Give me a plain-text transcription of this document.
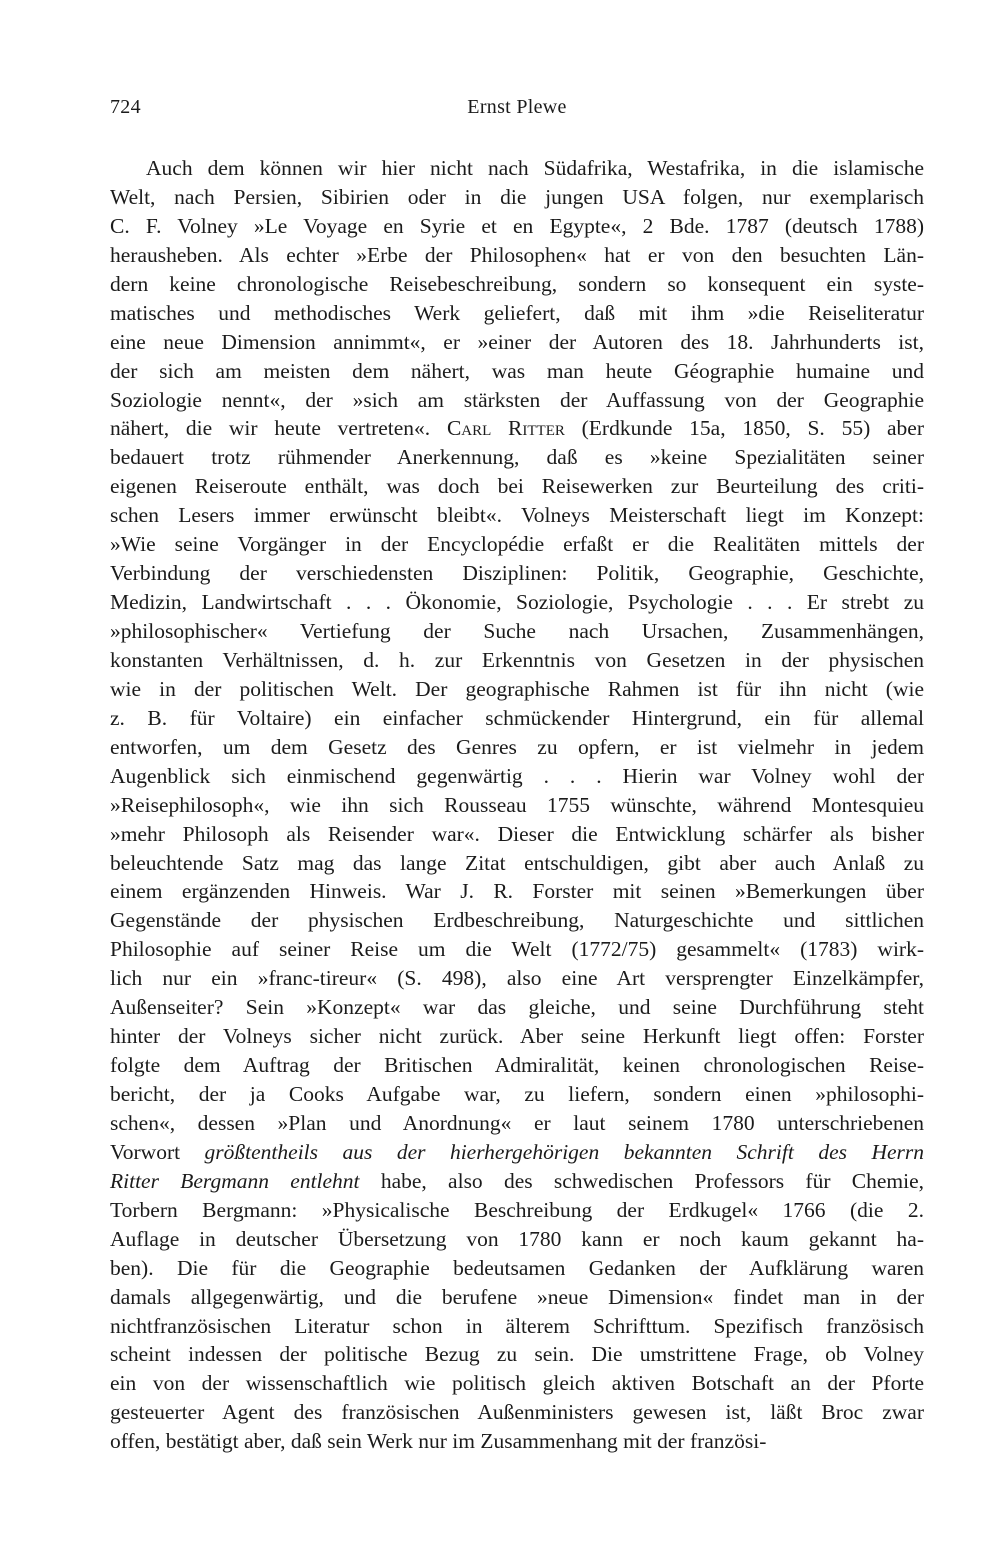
724	Ernst Plewe
Auch dem können wir hier nicht nach Südafrika, Westafrika, in die islamische
Welt, nach Persien, Sibirien oder in die jungen USA folgen, nur exemplarisch
C. F. Volney »Le Voyage en Syrie et en Egypte«, 2 Bde. 1787 (deutsch 1788)
herausheben. Als echter »Erbe der Philosophen« hat er von den besuchten Län-
dern keine chronologische Reisebeschreibung, sondern so konsequent ein syste-
matisches und methodisches Werk geliefert, daß mit ihm »die Reiseliteratur
eine neue Dimension annimmt«, er »einer der Autoren des 18. Jahrhunderts ist,
der sich am meisten dem nähert, was man heute Géographie humaine und
Soziologie nennt«, der »sich am stärksten der Auffassung von der Geographie
nähert, die wir heute vertreten«. Carl Ritter (Erdkunde 15a, 1850, S. 55) aber
bedauert trotz rühmender Anerkennung, daß es »keine Spezialitäten seiner
eigenen Reiseroute enthält, was doch bei Reisewerken zur Beurteilung des criti-
schen Lesers immer erwünscht bleibt«. Volneys Meisterschaft liegt im Konzept:
»Wie seine Vorgänger in der Encyclopédie erfaßt er die Realitäten mittels der
Verbindung der verschiedensten Disziplinen: Politik, Geographie, Geschichte,
Medizin, Landwirtschaft . . . Ökonomie, Soziologie, Psychologie . . . Er strebt zu
»philosophischer« Vertiefung der Suche nach Ursachen, Zusammenhängen,
konstanten Verhältnissen, d. h. zur Erkenntnis von Gesetzen in der physischen
wie in der politischen Welt. Der geographische Rahmen ist für ihn nicht (wie
z. B. für Voltaire) ein einfacher schmückender Hintergrund, ein für allemal
entworfen, um dem Gesetz des Genres zu opfern, er ist vielmehr in jedem
Augenblick sich einmischend gegenwärtig . . . Hierin war Volney wohl der
»Reisephilosoph«, wie ihn sich Rousseau 1755 wünschte, während Montesquieu
»mehr Philosoph als Reisender war«. Dieser die Entwicklung schärfer als bisher
beleuchtende Satz mag das lange Zitat entschuldigen, gibt aber auch Anlaß zu
einem ergänzenden Hinweis. War J. R. Forster mit seinen »Bemerkungen über
Gegenstände der physischen Erdbeschreibung, Naturgeschichte und sittlichen
Philosophie auf seiner Reise um die Welt (1772/75) gesammelt« (1783) wirk-
lich nur ein »franc-tireur« (S. 498), also eine Art versprengter Einzelkämpfer,
Außenseiter? Sein »Konzept« war das gleiche, und seine Durchführung steht
hinter der Volneys sicher nicht zurück. Aber seine Herkunft liegt offen: Forster
folgte dem Auftrag der Britischen Admiralität, keinen chronologischen Reise-
bericht, der ja Cooks Aufgabe war, zu liefern, sondern einen »philosophi-
schen«, dessen »Plan und Anordnung« er laut seinem 1780 unterschriebenen
Vorwort größtentheils aus der hierhergehörigen bekannten Schrift des Herrn
Ritter Bergmann entlehnt habe, also des schwedischen Professors für Chemie,
Torbern Bergmann: »Physicalische Beschreibung der Erdkugel« 1766 (die 2.
Auflage in deutscher Übersetzung von 1780 kann er noch kaum gekannt ha-
ben). Die für die Geographie bedeutsamen Gedanken der Aufklärung waren
damals allgegenwärtig, und die berufene »neue Dimension« findet man in der
nichtfranzösischen Literatur schon in älterem Schrifttum. Spezifisch französisch
scheint indessen der politische Bezug zu sein. Die umstrittene Frage, ob Volney
ein von der wissenschaftlich wie politisch gleich aktiven Botschaft an der Pforte
gesteuerter Agent des französischen Außenministers gewesen ist, läßt Broc zwar
offen, bestätigt aber, daß sein Werk nur im Zusammenhang mit der französi-
